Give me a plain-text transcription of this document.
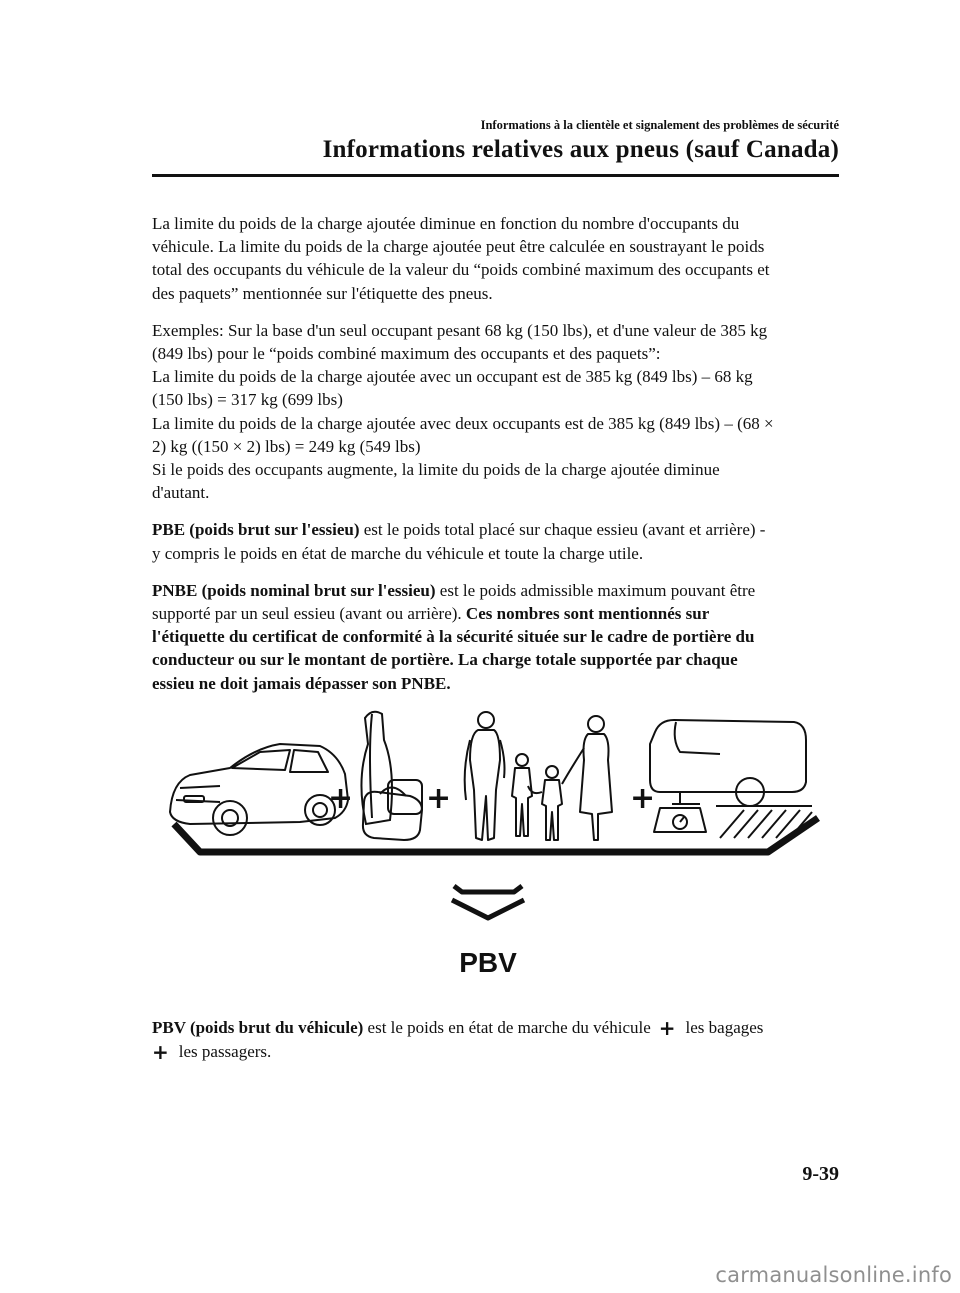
Informations à la clientèle et signalement des problèmes de sécurité
Informations relatives aux pneus (sauf Canada)

La limite du poids de la charge ajoutée diminue en fonction du nombre d'occupants du
véhicule. La limite du poids de la charge ajoutée peut être calculée en soustrayant le poids
total des occupants du véhicule de la valeur du “poids combiné maximum des occupants et
des paquets” mentionnée sur l'étiquette des pneus.

Exemples: Sur la base d'un seul occupant pesant 68 kg (150 lbs), et d'une valeur de 385 kg
(849 lbs) pour le “poids combiné maximum des occupants et des paquets”:
La limite du poids de la charge ajoutée avec un occupant est de 385 kg (849 lbs) – 68 kg
(150 lbs) = 317 kg (699 lbs)
La limite du poids de la charge ajoutée avec deux occupants est de 385 kg (849 lbs) – (68 ×
2) kg ((150 × 2) lbs) = 249 kg (549 lbs)
Si le poids des occupants augmente, la limite du poids de la charge ajoutée diminue
d'autant.

PBE (poids brut sur l'essieu) est le poids total placé sur chaque essieu (avant et arrière) -
y compris le poids en état de marche du véhicule et toute la charge utile.

PNBE (poids nominal brut sur l'essieu) est le poids admissible maximum pouvant être
supporté par un seul essieu (avant ou arrière). Ces nombres sont mentionnés sur
l'étiquette du certificat de conformité à la sécurité située sur le cadre de portière du
conducteur ou sur le montant de portière. La charge totale supportée par chaque
essieu ne doit jamais dépasser son PNBE.

+ +	+
PBV
PBV (poids brut du véhicule) est le poids en état de marche du véhicule + les bagages
+ les passagers.
9-39
carmanualsonline.info
